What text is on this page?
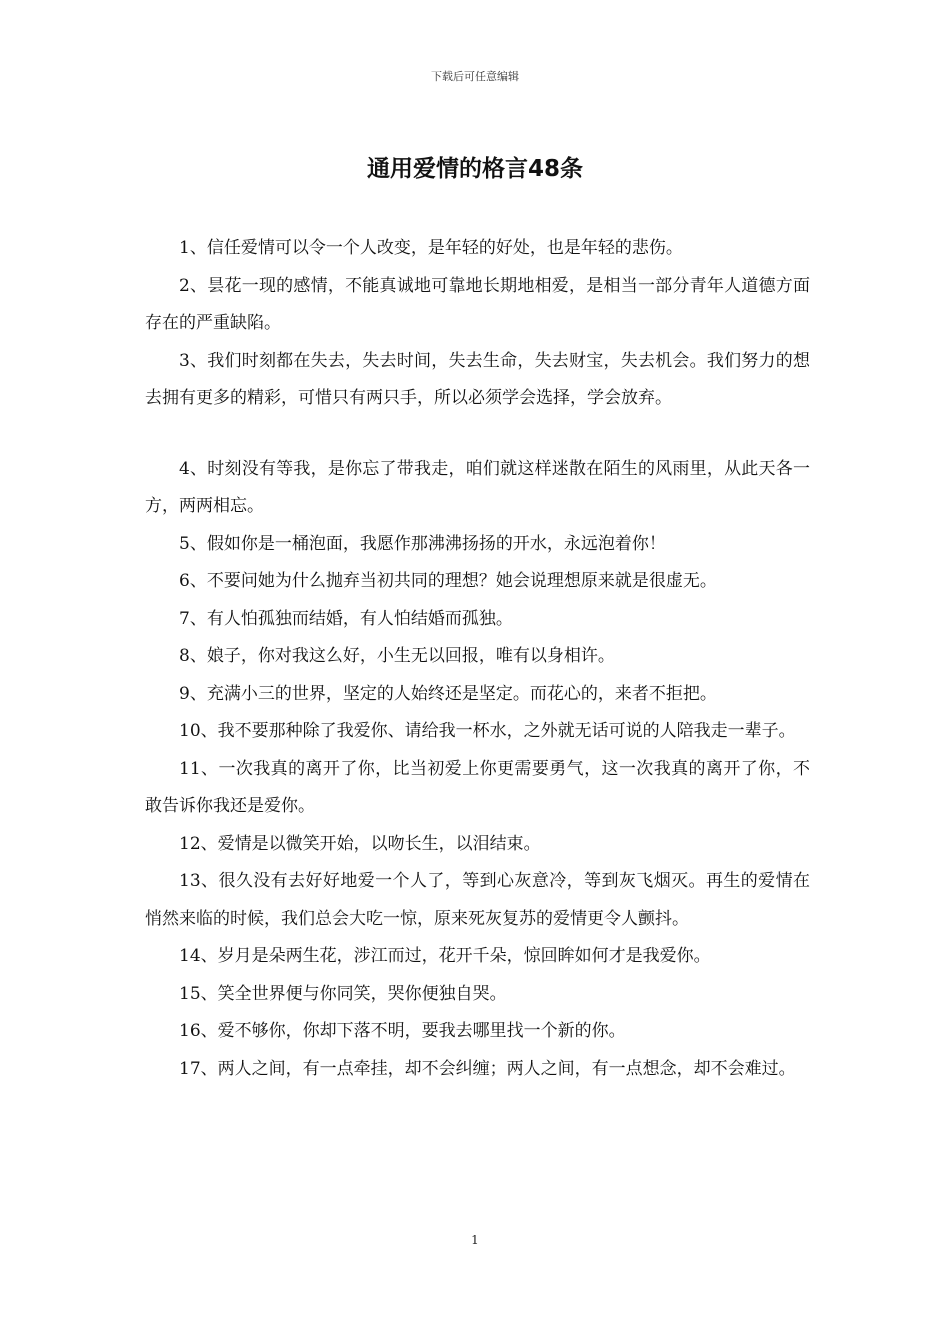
下载后可任意编辑
通用爱情的格言48条

1、信任爱情可以令一个人改变，是年轻的好处，也是年轻的悲伤。

2、昙花一现的感情，不能真诚地可靠地长期地相爱，是相当一部分青年人道德方面存在的严重缺陷。

3、我们时刻都在失去，失去时间，失去生命，失去财宝，失去机会。我们努力的想去拥有更多的精彩，可惜只有两只手，所以必须学会选择，学会放弃。

4、时刻没有等我，是你忘了带我走，咱们就这样迷散在陌生的风雨里，从此天各一方，两两相忘。

5、假如你是一桶泡面，我愿作那沸沸扬扬的开水，永远泡着你！

6、不要问她为什么抛弃当初共同的理想？她会说理想原来就是很虚无。

7、有人怕孤独而结婚，有人怕结婚而孤独。

8、娘子，你对我这么好，小生无以回报，唯有以身相许。

9、充满小三的世界，坚定的人始终还是坚定。而花心的，来者不拒把。

10、我不要那种除了我爱你、请给我一杯水，之外就无话可说的人陪我走一辈子。

11、一次我真的离开了你，比当初爱上你更需要勇气，这一次我真的离开了你，不敢告诉你我还是爱你。

12、爱情是以微笑开始，以吻长生，以泪结束。

13、很久没有去好好地爱一个人了，等到心灰意冷，等到灰飞烟灭。再生的爱情在悄然来临的时候，我们总会大吃一惊，原来死灰复苏的爱情更令人颤抖。

14、岁月是朵两生花，涉江而过，花开千朵，惊回眸如何才是我爱你。

15、笑全世界便与你同笑，哭你便独自哭。

16、爱不够你，你却下落不明，要我去哪里找一个新的你。

17、两人之间，有一点牵挂，却不会纠缠；两人之间，有一点想念，却不会难过。

1
